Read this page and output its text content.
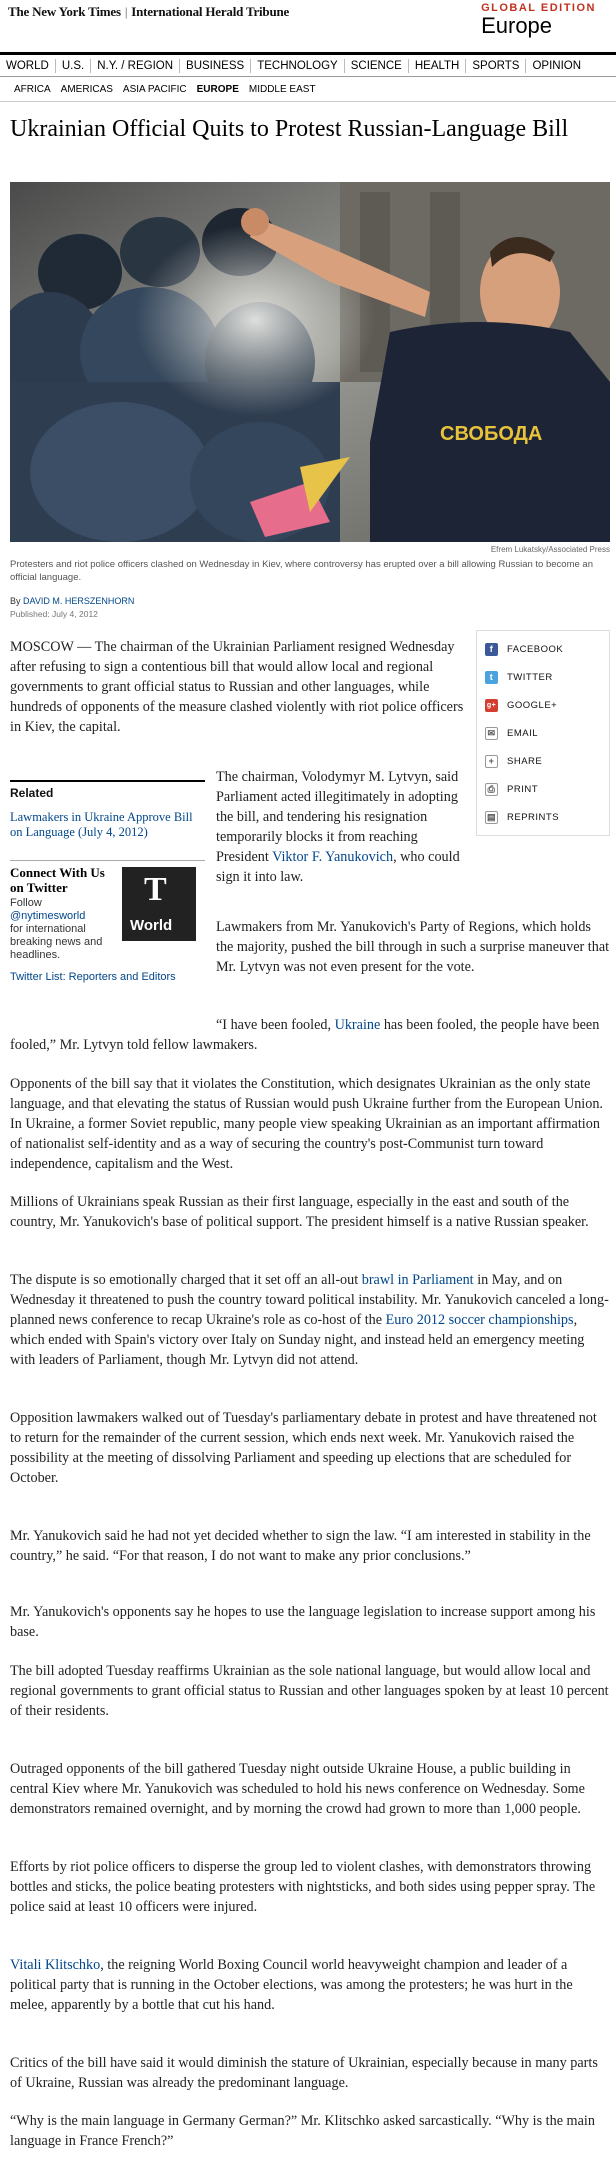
The New York Times | International Herald Tribune	GLOBAL EDITION
Europe
WORLD	U.S.	N.Y. / REGION	BUSINESS	TECHNOLOGY	SCIENCE	HEALTH	SPORTS	OPINION
AFRICA AMERICAS ASIA PACIFIC EUROPE MIDDLE EAST
Ukrainian Official Quits to Protest Russian-Language Bill
СВОБОДА
Efrem Lukatsky/Associated Press
Protesters and riot police officers clashed on Wednesday in Kiev, where controversy has erupted over a bill allowing Russian to become an official language.
By DAVID M. HERSZENHORN
Published: July 4, 2012
f	FACEBOOK
t	TWITTER
g+ GOOGLE+
✉ EMAIL
+	SHARE
⎙ PRINT
▤ REPRINTS

MOSCOW — The chairman of the Ukrainian Parliament resigned Wednesday after refusing to sign a contentious bill that would allow local and regional governments to grant official status to Russian and other languages, while hundreds of opponents of the measure clashed violently with riot police officers in Kiev, the capital.

Related
Lawmakers in Ukraine Approve Bill on Language (July 4, 2012)
Connect With Us on Twitter
Follow
@nytimesworld
for international breaking news and headlines.
Twitter List: Reporters and Editors
T
World

The chairman, Volodymyr M. Lytvyn, said Parliament acted illegitimately in adopting the bill, and tendering his resignation temporarily blocks it from reaching President Viktor F. Yanukovich, who could sign it into law.

Lawmakers from Mr. Yanukovich's Party of Regions, which holds the majority, pushed the bill through in such a surprise maneuver that Mr. Lytvyn was not even present for the vote.

“I have been fooled, Ukraine has been fooled, the people have been fooled,” Mr. Lytvyn told fellow lawmakers.

Opponents of the bill say that it violates the Constitution, which designates Ukrainian as the only state language, and that elevating the status of Russian would push Ukraine further from the European Union. In Ukraine, a former Soviet republic, many people view speaking Ukrainian as an important affirmation of nationalist self-identity and as a way of securing the country's post-Communist turn toward independence, capitalism and the West.

Millions of Ukrainians speak Russian as their first language, especially in the east and south of the country, Mr. Yanukovich's base of political support. The president himself is a native Russian speaker.

The dispute is so emotionally charged that it set off an all-out brawl in Parliament in May, and on Wednesday it threatened to push the country toward political instability. Mr. Yanukovich canceled a long-planned news conference to recap Ukraine's role as co-host of the Euro 2012 soccer championships, which ended with Spain's victory over Italy on Sunday night, and instead held an emergency meeting with leaders of Parliament, though Mr. Lytvyn did not attend.

Opposition lawmakers walked out of Tuesday's parliamentary debate in protest and have threatened not to return for the remainder of the current session, which ends next week. Mr. Yanukovich raised the possibility at the meeting of dissolving Parliament and speeding up elections that are scheduled for October.

Mr. Yanukovich said he had not yet decided whether to sign the law. “I am interested in stability in the country,” he said. “For that reason, I do not want to make any prior conclusions.”

Mr. Yanukovich's opponents say he hopes to use the language legislation to increase support among his base.

The bill adopted Tuesday reaffirms Ukrainian as the sole national language, but would allow local and regional governments to grant official status to Russian and other languages spoken by at least 10 percent of their residents.

Outraged opponents of the bill gathered Tuesday night outside Ukraine House, a public building in central Kiev where Mr. Yanukovich was scheduled to hold his news conference on Wednesday. Some demonstrators remained overnight, and by morning the crowd had grown to more than 1,000 people.

Efforts by riot police officers to disperse the group led to violent clashes, with demonstrators throwing bottles and sticks, the police beating protesters with nightsticks, and both sides using pepper spray. The police said at least 10 officers were injured.

Vitali Klitschko, the reigning World Boxing Council world heavyweight champion and leader of a political party that is running in the October elections, was among the protesters; he was hurt in the melee, apparently by a bottle that cut his hand.

Critics of the bill have said it would diminish the stature of Ukrainian, especially because in many parts of Ukraine, Russian was already the predominant language.

“Why is the main language in Germany German?” Mr. Klitschko asked sarcastically. “Why is the main language in France French?”
